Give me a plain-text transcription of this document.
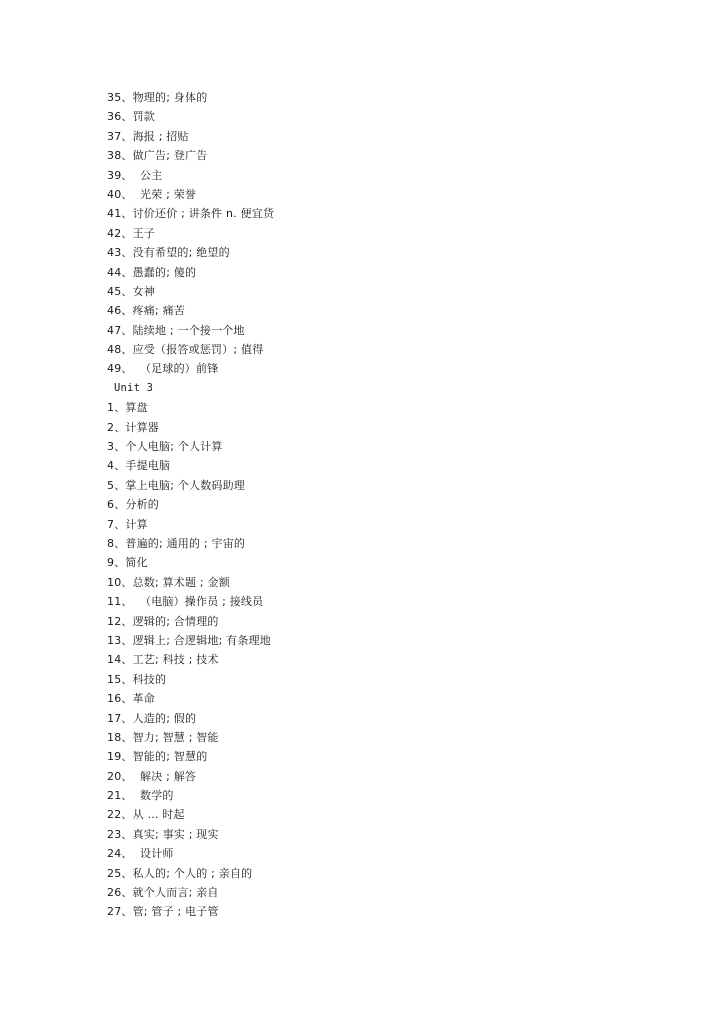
35、物理的; 身体的
36、罚款
37、海报 ; 招贴
38、做广告; 登广告
39、  公主
40、  光荣 ; 荣誉
41、讨价还价 ; 讲条件 n. 便宜货
42、王子
43、没有希望的; 绝望的
44、愚蠢的; 傻的
45、女神
46、疼痛; 痛苦
47、陆续地 ; 一个接一个地
48、应受（报答或惩罚）; 值得
49、  （足球的）前锋
Unit 3
1、算盘
2、计算器
3、个人电脑; 个人计算
4、手提电脑
5、掌上电脑; 个人数码助理
6、分析的
7、计算
8、普遍的; 通用的 ; 宇宙的
9、简化
10、总数; 算术题 ; 金额
11、  （电脑）操作员 ; 接线员
12、逻辑的; 合情理的
13、逻辑上; 合逻辑地; 有条理地
14、工艺; 科技 ; 技术
15、科技的
16、革命
17、人造的; 假的
18、智力; 智慧 ; 智能
19、智能的; 智慧的
20、  解决 ; 解答
21、  数学的
22、从 ... 时起
23、真实; 事实 ; 现实
24、  设计师
25、私人的; 个人的 ; 亲自的
26、就个人而言; 亲自
27、管; 管子 ; 电子管
